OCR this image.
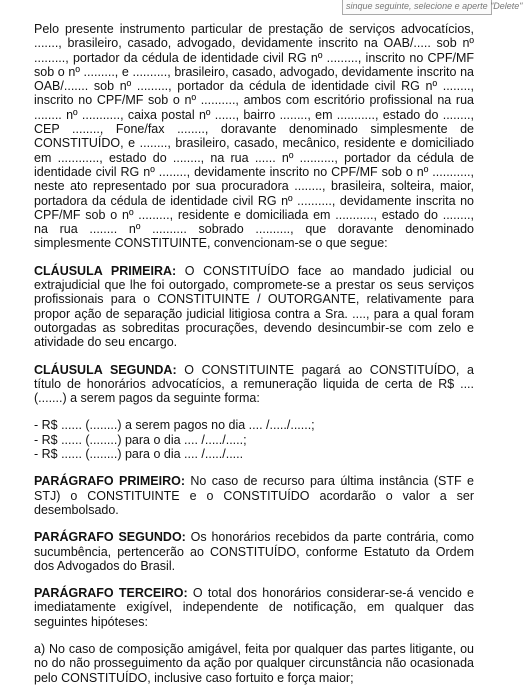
sinque seguinte, selecione e aperte "Delete"

Pelo presente instrumento particular de prestação de serviços advocatícios, ......., brasileiro, casado, advogado, devidamente inscrito na OAB/..... sob nº ........., portador da cédula de identidade civil RG nº ........., inscrito no CPF/MF sob o nº ........., e .........., brasileiro, casado, advogado, devidamente inscrito na OAB/....... sob nº ........., portador da cédula de identidade civil RG nº ........, inscrito no CPF/MF sob o nº .........., ambos com escritório profissional na rua ........ nº ..........., caixa postal nº ......, bairro ........, em ..........., estado do ........, CEP ........, Fone/fax ........, doravante denominado simplesmente de CONSTITUÍDO, e ........, brasileiro, casado, mecânico, residente e domiciliado em ............, estado do ........, na rua ...... nº .........., portador da cédula de identidade civil RG nº ........, devidamente inscrito no CPF/MF sob o nº ..........., neste ato representado por sua procuradora ........, brasileira, solteira, maior, portadora da cédula de identidade civil RG nº .........., devidamente inscrita no CPF/MF sob o nº ........., residente e domiciliada em ..........., estado do ........, na rua ........ nº .......... sobrado .........., que doravante denominado simplesmente CONSTITUINTE, convencionam-se o que segue:

CLÁUSULA PRIMEIRA: O CONSTITUÍDO face ao mandado judicial ou extrajudicial que lhe foi outorgado, compromete-se a prestar os seus serviços profissionais para o CONSTITUINTE / OUTORGANTE, relativamente para propor ação de separação judicial litigiosa contra a Sra. ...., para a qual foram outorgadas as sobreditas procurações, devendo desincumbir-se com zelo e atividade do seu encargo.

CLÁUSULA SEGUNDA: O CONSTITUINTE pagará ao CONSTITUÍDO, a título de honorários advocatícios, a remuneração liquida de certa de R$ .... (.......) a serem pagos da seguinte forma:

- R$ ...... (........) a serem pagos no dia .... /...../......;
- R$ ...... (........) para o dia .... /...../.....;
- R$ ...... (........) para o dia .... /...../.....

PARÁGRAFO PRIMEIRO: No caso de recurso para última instância (STF e STJ) o CONSTITUINTE e o CONSTITUÍDO acordarão o valor a ser desembolsado.

PARÁGRAFO SEGUNDO: Os honorários recebidos da parte contrária, como sucumbência, pertencerão ao CONSTITUÍDO, conforme Estatuto da Ordem dos Advogados do Brasil.

PARÁGRAFO TERCEIRO: O total dos honorários considerar-se-á vencido e imediatamente exigível, independente de notificação, em qualquer das seguintes hipóteses:

a) No caso de composição amigável, feita por qualquer das partes litigante, ou no do não prosseguimento da ação por qualquer circunstância não ocasionada pelo CONSTITUÍDO, inclusive caso fortuito e força maior;
